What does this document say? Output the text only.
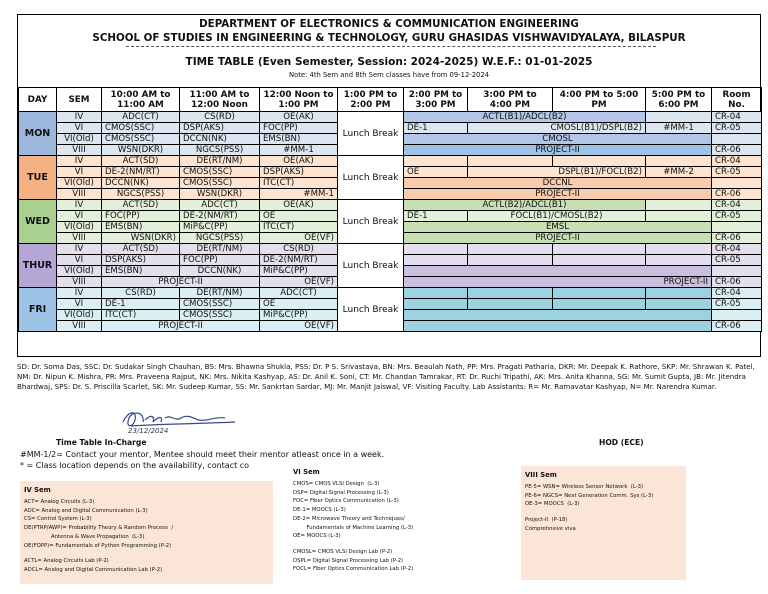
DEPARTMENT OF ELECTRONICS & COMMUNICATION ENGINEERING
SCHOOL OF STUDIES IN ENGINEERING & TECHNOLOGY, GURU GHASIDAS VISHWAVIDYALAYA, BILASPUR
TIME TABLE (Even Semester, Session: 2024-2025) W.E.F.: 01-01-2025
Note: 4th Sem and 8th Sem classes have from 09-12-2024
DAY	SEM	10:00 AM to 11:00 AM	11:00 AM to 12:00 Noon	12:00 Noon to 1:00 PM	1:00 PM to 2:00 PM	2:00 PM to 3:00 PM	3:00 PM to 4:00 PM	4:00 PM to 5:00 PM	5:00 PM to 6:00 PM	Room No.
MON	IV	ADC(CT)	CS(RD)	OE(AK)	Lunch Break	ACTL(B1)/ADCL(B2)				CR-04
	VI	CMOS(SSC)	DSP(AKS)	FOC(PP)		DE-1	CMOSL(B1)/DSPL(B2)		#MM-1	CR-05
	VI(Old)	CMOS(SSC)	DCCN(NK)	EMS(BN)		CMOSL				
	VIII	WSN(DKR)	NGCS(PSS)	#MM-1		PROJECT-II				CR-06
TUE	IV	ACT(SD)	DE(RT/NM)	OE(AK)	Lunch Break					CR-04
	VI	DE-2(NM/RT)	CMOS(SSC)	DSP(AKS)		OE	DSPL(B1)/FOCL(B2)		#MM-2	CR-05
	VI(Old)	DCCN(NK)	CMOS(SSC)	ITC(CT)		DCCNL				
	VIII	NGCS(PSS)	WSN(DKR)	#MM-1		PROJECT-II				CR-06
WED	IV	ACT(SD)	ADC(CT)	OE(AK)	Lunch Break	ACTL(B2)/ADCL(B1)				CR-04
	VI	FOC(PP)	DE-2(NM/RT)	OE		DE-1	FOCL(B1)/CMOSL(B2)			CR-05
	VI(Old)	EMS(BN)	MiP&C(PP)	ITC(CT)		EMSL				
	VIII	WSN(DKR)	NGCS(PSS)	OE(VF)		PROJECT-II				CR-06
THUR	IV	ACT(SD)	DE(RT/NM)	CS(RD)	Lunch Break					CR-04
	VI	DSP(AKS)	FOC(PP)	DE-2(NM/RT)						CR-05
	VI(Old)	EMS(BN)	DCCN(NK)	MiP&C(PP)						
	VIII	PROJECT-II		OE(VF)		PROJECT-II				CR-06
FRI	IV	CS(RD)	DE(RT/NM)	ADC(CT)	Lunch Break					CR-04
	VI	DE-1	CMOS(SSC)	OE						CR-05
	VI(Old)	ITC(CT)	CMOS(SSC)	MiP&C(PP)						
	VIII	PROJECT-II		OE(VF)						CR-06
SD: Dr. Soma Das, SSC: Dr. Sudakar Singh Chauhan, BS: Mrs. Bhawna Shukla, PSS: Dr. P S. Srivastava, BN: Mrs. Beaulah Nath, PP: Mrs. Pragati Patharia, DKR: Mr. Deepak K. Rathore, SKP: Mr. Shrawan K. Patel, NM: Dr. Nipun K. Mishra, PR: Mrs. Praveena Rajput, NK: Mrs. Nikita Kashyap, AS: Dr. Anil K. Soni, CT: Mr. Chandan Tamrakar, RT: Dr. Ruchi Tripathi, AK: Mrs. Anita Khanna, SG: Mr. Sumit Gupta, JB: Mr. Jitendra Bhardwaj, SPS: Dr. S. Priscilla Scarlet, SK: Mr. Sudeep Kumar, SS: Mr. Sankrtan Sardar, MJ: Mr. Manjit Jaiswal, VF: Visiting Faculty. Lab Assistants: R= Mr. Ramavatar Kashyap, N= Mr. Narendra Kumar.
23/12/2024
Time Table In-Charge	HOD (ECE)
#MM-1/2= Contact your mentor, Mentee should meet their mentor atleast once in a week.
* = Class location depends on the availability, contact co
IV Sem
ACT= Analog Circuits (L-3)
ADC= Analog and Digital Communication (L-3)
CS= Control System (L-3)
DE(PTRP/AWP)= Probability Theory & Random Process  /
Antenna & Wave Propagation  (L-3)
OE(FOPP)= Fundamentals of Python Programming (P-2)
ACTL= Analog Circuits Lab (P-2)
ADCL= Analog and Digital Communication Lab (P-2)
VI Sem
CMOS= CMOS VLSI Design  (L-3)
DSP= Digital Signal Processing (L-3)
FOC= Fiber Optics Communication (L-3)
DE-1= MOOCS (L-3)
DE-2= Microwave Theory and Techniques/
Fundamentals of Machine Learning (L-3)
OE= MOOCS (L-3)
CMOSL= CMOS VLSI Design Lab (P-2)
DSPL= Digital Signal Processing Lab (P-2)
FOCL= Fiber Optics Communication Lab (P-2)
VIII Sem
PE-5= WSN= Wireless Sensor Network  (L-3)
PE-6= NGCS= Next Generation Comm. Sys (L-3)
OE-3= MOOCS  (L-3)
Project-II  (P-18)
Comprehnsive viva
